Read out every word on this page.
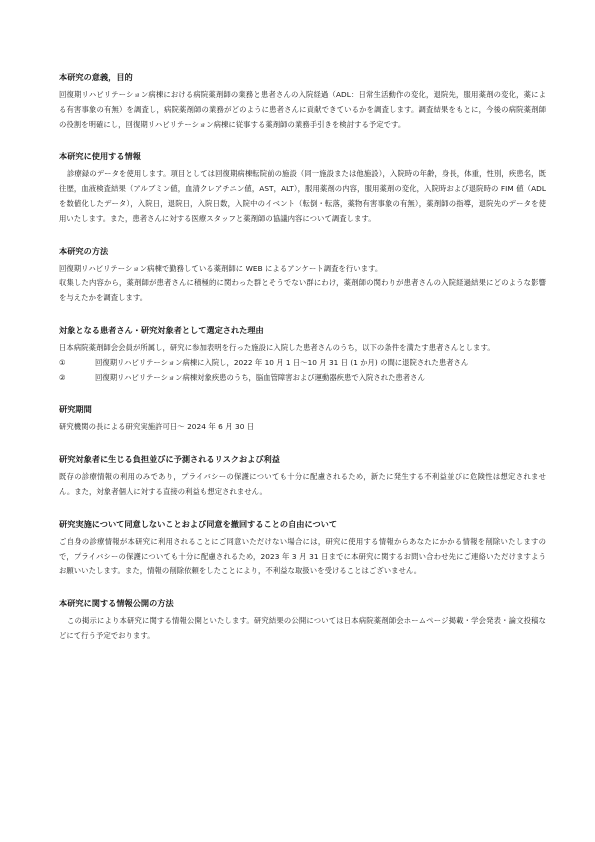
本研究の意義，目的

回復期リハビリテーション病棟における病院薬剤師の業務と患者さんの入院経過（ADL：日常生活動作の変化，退院先，服用薬剤の変化，薬による有害事象の有無）を調査し，病院薬剤師の業務がどのように患者さんに貢献できているかを調査します。調査結果をもとに，今後の病院薬剤師の役割を明確にし，回復期リハビリテーション病棟に従事する薬剤師の業務手引きを検討する予定です。

本研究に使用する情報

診療録のデータを使用します。項目としては回復期病棟転院前の施設（同一施設または他施設），入院時の年齢，身長，体重，性別，疾患名，既往歴，血液検査結果（アルブミン値，血清クレアチニン値，AST，ALT），服用薬剤の内容，服用薬剤の変化，入院時および退院時の FIM 値（ADL を数値化したデータ），入院日，退院日，入院日数，入院中のイベント（転倒・転落，薬物有害事象の有無），薬剤師の指導，退院先のデータを使用いたします。また，患者さんに対する医療スタッフと薬剤師の協議内容について調査します。

本研究の方法

回復期リハビリテーション病棟で勤務している薬剤師に WEB によるアンケート調査を行います。

収集した内容から，薬剤師が患者さんに積極的に関わった群とそうでない群にわけ，薬剤師の関わりが患者さんの入院経過結果にどのような影響を与えたかを調査します。

対象となる患者さん・研究対象者として選定された理由

日本病院薬剤師会会員が所属し，研究に参加表明を行った施設に入院した患者さんのうち，以下の条件を満たす患者さんとします。

①	回復期リハビリテーション病棟に入院し，2022 年 10 月 1 日～10 月 31 日 (1 か月) の間に退院された患者さん
②	回復期リハビリテーション病棟対象疾患のうち，脳血管障害および運動器疾患で入院された患者さん
研究期間

研究機関の長による研究実施許可日～ 2024 年 6 月 30 日

研究対象者に生じる負担並びに予測されるリスクおよび利益

既存の診療情報の利用のみであり，プライバシーの保護についても十分に配慮されるため，新たに発生する不利益並びに危険性は想定されません。また，対象者個人に対する直接の利益も想定されません。

研究実施について同意しないことおよび同意を撤回することの自由について

ご自身の診療情報が本研究に利用されることにご同意いただけない場合には，研究に使用する情報からあなたにかかる情報を削除いたしますので，プライバシーの保護についても十分に配慮されるため，2023 年 3 月 31 日までに本研究に関するお問い合わせ先にご連絡いただけますようお願いいたします。また，情報の削除依頼をしたことにより，不利益な取扱いを受けることはございません。

本研究に関する情報公開の方法

この掲示により本研究に関する情報公開といたします。研究結果の公開については日本病院薬剤師会ホームページ掲載・学会発表・論文投稿などにて行う予定でおります。
